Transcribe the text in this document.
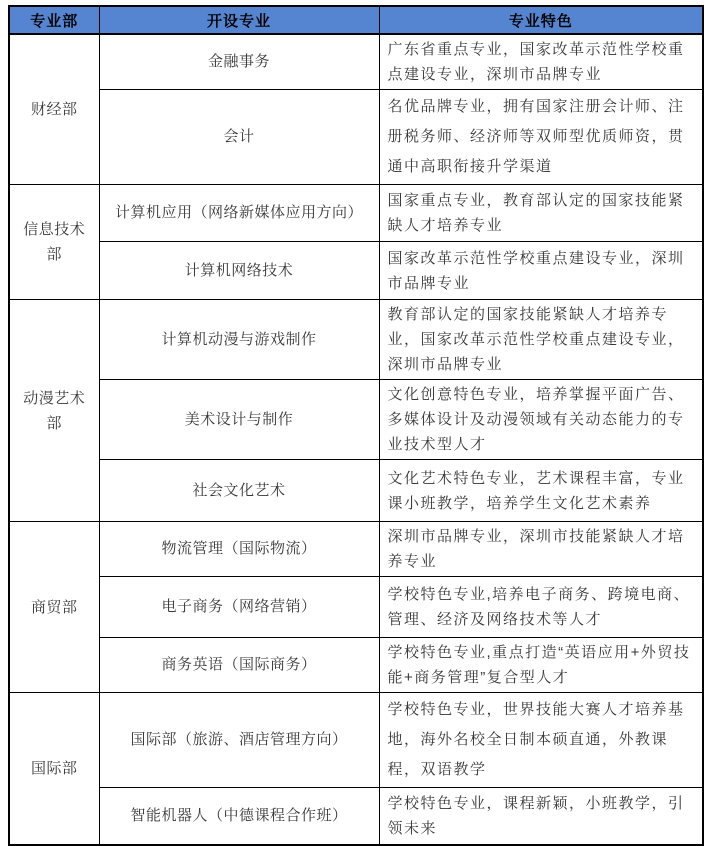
专业部	开设专业	专业特色
财经部	金融事务	广东省重点专业，国家改革示范性学校重点建设专业，深圳市品牌专业
	会计	名优品牌专业，拥有国家注册会计师、注册税务师、经济师等双师型优质师资，贯通中高职衔接升学渠道
信息技术部	计算机应用（网络新媒体应用方向）	国家重点专业，教育部认定的国家技能紧缺人才培养专业
	计算机网络技术	国家改革示范性学校重点建设专业，深圳市品牌专业
动漫艺术部	计算机动漫与游戏制作	教育部认定的国家技能紧缺人才培养专业，国家改革示范性学校重点建设专业，深圳市品牌专业
	美术设计与制作	文化创意特色专业，培养掌握平面广告、多媒体设计及动漫领域有关动态能力的专业技术型人才
	社会文化艺术	文化艺术特色专业，艺术课程丰富，专业课小班教学，培养学生文化艺术素养
商贸部	物流管理（国际物流）	深圳市品牌专业，深圳市技能紧缺人才培养专业
	电子商务（网络营销）	学校特色专业,培养电子商务、跨境电商、管理、经济及网络技术等人才
	商务英语（国际商务）	学校特色专业,重点打造“英语应用+外贸技能+商务管理”复合型人才
国际部	国际部（旅游、酒店管理方向）	学校特色专业，世界技能大赛人才培养基地，海外名校全日制本硕直通，外教课程，双语教学
	智能机器人（中德课程合作班）	学校特色专业，课程新颖，小班教学，引领未来
